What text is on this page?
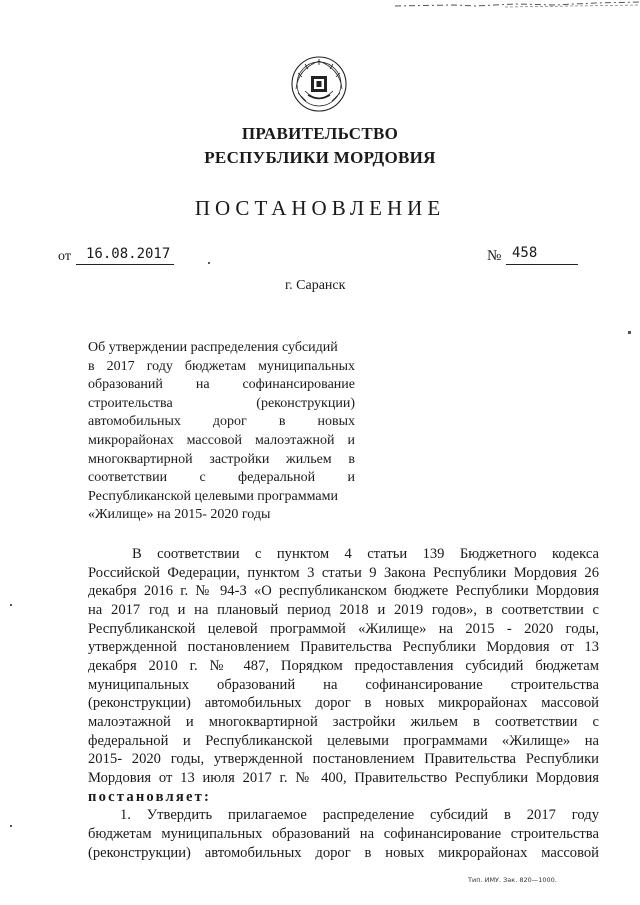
ПРАВИТЕЛЬСТВО
РЕСПУБЛИКИ МОРДОВИЯ
ПОСТАНОВЛЕНИЕ
от 16.08.2017	№ 458
г. Саранск
Об утверждении распределения субсидий
в 2017 году бюджетам муниципальных
образований на софинансирование
строительства (реконструкции)
автомобильных дорог в новых
микрорайонах массовой малоэтажной и
многоквартирной застройки жильем в
соответствии с федеральной и
Республиканской целевыми программами
«Жилище» на 2015- 2020 годы
В соответствии с пунктом 4 статьи 139 Бюджетного кодекса
Российской Федерации, пунктом 3 статьи 9 Закона Республики Мордовия 26
декабря 2016 г. № 94-З «О республиканском бюджете Республики Мордовия
на 2017 год и на плановый период 2018 и 2019 годов», в соответствии с
Республиканской целевой программой «Жилище» на 2015 - 2020 годы,
утвержденной постановлением Правительства Республики Мордовия от 13
декабря 2010 г. № 487, Порядком предоставления субсидий бюджетам
муниципальных образований на софинансирование строительства
(реконструкции) автомобильных дорог в новых микрорайонах массовой
малоэтажной и многоквартирной застройки жильем в соответствии с
федеральной и Республиканской целевыми программами «Жилище» на
2015- 2020 годы, утвержденной постановлением Правительства Республики
Мордовия от 13 июля 2017 г. № 400, Правительство Республики Мордовия
постановляет:
1. Утвердить прилагаемое распределение субсидий в 2017 году
бюджетам муниципальных образований на софинансирование строительства
(реконструкции) автомобильных дорог в новых микрорайонах массовой
Тип. ИМУ. Зак. 820—1000.
